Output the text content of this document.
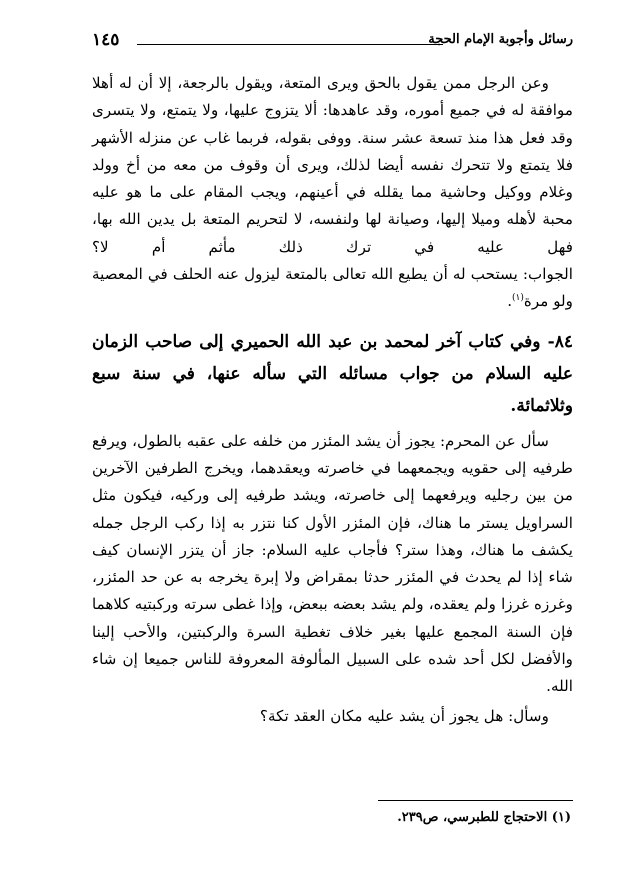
رسائل وأجوبة الإمام الحجة
١٤٥

وعن الرجل ممن يقول بالحق ويرى المتعة، ويقول بالرجعة، إلا أن له أهلا موافقة له في جميع أموره، وقد عاهدها: ألا يتزوج عليها، ولا يتمتع، ولا يتسرى وقد فعل هذا منذ تسعة عشر سنة. ووفى بقوله، فربما غاب عن منزله الأشهر فلا يتمتع ولا تتحرك نفسه أيضا لذلك، ويرى أن وقوف من معه من أخ وولد وغلام ووكيل وحاشية مما يقلله في أعينهم، ويجب المقام على ما هو عليه محبة لأهله وميلا إليها، وصيانة لها ولنفسه، لا لتحريم المتعة بل يدين الله بها، فهل عليه في ترك ذلك مأثم أم لا؟

الجواب: يستحب له أن يطيع الله تعالى بالمتعة ليزول عنه الحلف في المعصية ولو مرة$^{(١)}$.

٨٤- وفي كتاب آخر لمحمد بن عبد الله الحميري إلى صاحب الزمان عليه السلام من جواب مسائله التي سأله عنها، في سنة سبع وثلاثمائة.

سأل عن المحرم: يجوز أن يشد المئزر من خلفه على عقبه بالطول، ويرفع طرفيه إلى حقويه ويجمعهما في خاصرته ويعقدهما، ويخرج الطرفين الآخرين من بين رجليه ويرفعهما إلى خاصرته، ويشد طرفيه إلى وركيه، فيكون مثل السراويل يستر ما هناك، فإن المئزر الأول كنا نتزر به إذا ركب الرجل جمله يكشف ما هناك، وهذا ستر؟ فأجاب عليه السلام: جاز أن يتزر الإنسان كيف شاء إذا لم يحدث في المئزر حدثا بمقراض ولا إبرة يخرجه به عن حد المئزر، وغرزه غرزا ولم يعقده، ولم يشد بعضه ببعض، وإذا غطى سرته وركبتيه كلاهما فإن السنة المجمع عليها بغير خلاف تغطية السرة والركبتين، والأحب إلينا والأفضل لكل أحد شده على السبيل المألوفة المعروفة للناس جميعا إن شاء الله.

وسأل: هل يجوز أن يشد عليه مكان العقد تكة؟

(١) الاحتجاج للطبرسي، ص٢٣٩.
